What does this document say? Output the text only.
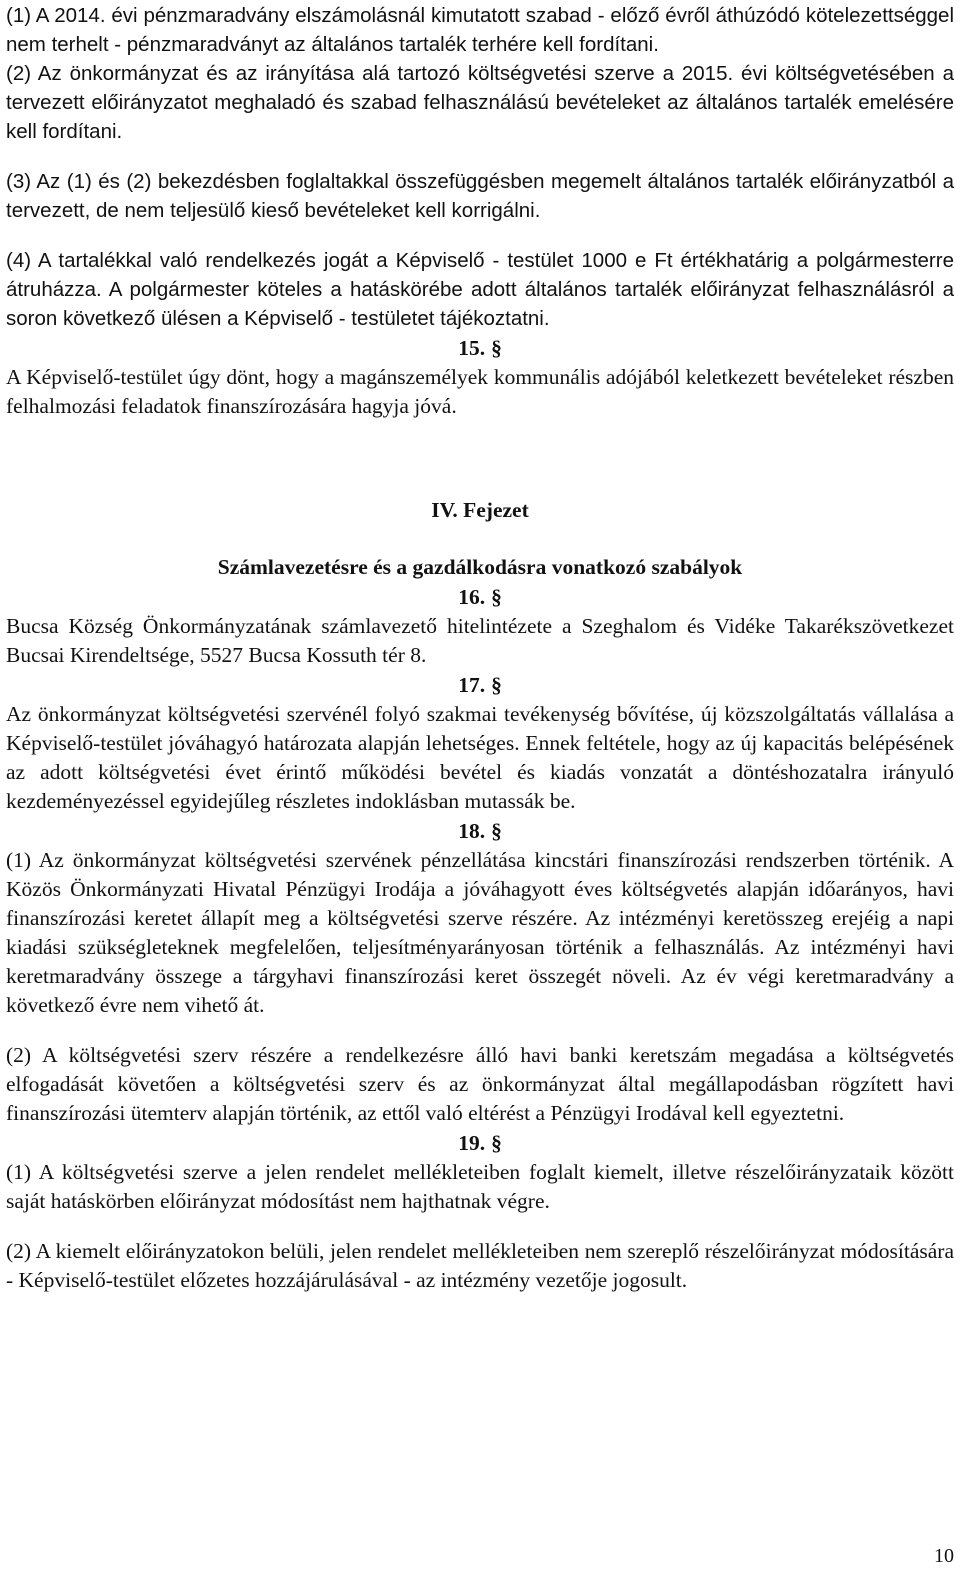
(1) A 2014. évi pénzmaradvány elszámolásnál kimutatott szabad - előző évről áthúzódó kötelezettséggel nem terhelt - pénzmaradványt az általános tartalék terhére kell fordítani.

(2) Az önkormányzat és az irányítása alá tartozó költségvetési szerve a 2015. évi költségvetésében a tervezett előirányzatot meghaladó és szabad felhasználású bevételeket az általános tartalék emelésére kell fordítani.

(3) Az (1) és (2) bekezdésben foglaltakkal összefüggésben megemelt általános tartalék előirányzatból a tervezett, de nem teljesülő kieső bevételeket kell korrigálni.

(4) A tartalékkal való rendelkezés jogát a Képviselő - testület 1000 e Ft értékhatárig a polgármesterre átruházza. A polgármester köteles a hatáskörébe adott általános tartalék előirányzat felhasználásról a soron következő ülésen a Képviselő - testületet tájékoztatni.

15. §

A Képviselő-testület úgy dönt, hogy a magánszemélyek kommunális adójából keletkezett bevételeket részben felhalmozási feladatok finanszírozására hagyja jóvá.

IV. Fejezet
Számlavezetésre és a gazdálkodásra vonatkozó szabályok
16. §

Bucsa Község Önkormányzatának számlavezető hitelintézete a Szeghalom és Vidéke Takarékszövetkezet Bucsai Kirendeltsége, 5527 Bucsa Kossuth tér 8.

17. §

Az önkormányzat költségvetési szervénél folyó szakmai tevékenység bővítése, új közszolgáltatás vállalása a Képviselő-testület jóváhagyó határozata alapján lehetséges. Ennek feltétele, hogy az új kapacitás belépésének az adott költségvetési évet érintő működési bevétel és kiadás vonzatát a döntéshozatalra irányuló kezdeményezéssel egyidejűleg részletes indoklásban mutassák be.

18. §

(1) Az önkormányzat költségvetési szervének pénzellátása kincstári finanszírozási rendszerben történik. A Közös Önkormányzati Hivatal Pénzügyi Irodája a jóváhagyott éves költségvetés alapján időarányos, havi finanszírozási keretet állapít meg a költségvetési szerve részére. Az intézményi keretösszeg erejéig a napi kiadási szükségleteknek megfelelően, teljesítményarányosan történik a felhasználás. Az intézményi havi keretmaradvány összege a tárgyhavi finanszírozási keret összegét növeli. Az év végi keretmaradvány a következő évre nem vihető át.

(2) A költségvetési szerv részére a rendelkezésre álló havi banki keretszám megadása a költségvetés elfogadását követően a költségvetési szerv és az önkormányzat által megállapodásban rögzített havi finanszírozási ütemterv alapján történik, az ettől való eltérést a Pénzügyi Irodával kell egyeztetni.

19. §

(1) A költségvetési szerve a jelen rendelet mellékleteiben foglalt kiemelt, illetve részelőirányzataik között saját hatáskörben előirányzat módosítást nem hajthatnak végre.

(2) A kiemelt előirányzatokon belüli, jelen rendelet mellékleteiben nem szereplő részelőirányzat módosítására - Képviselő-testület előzetes hozzájárulásával - az intézmény vezetője jogosult.

10
